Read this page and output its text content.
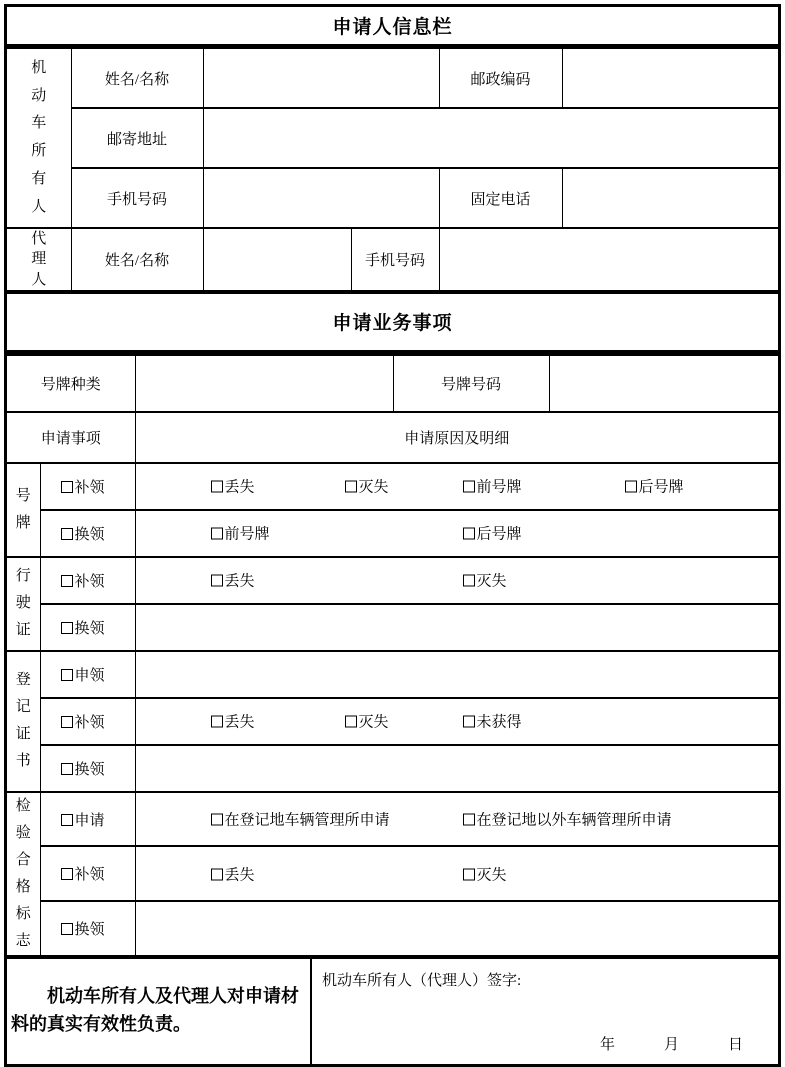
申请人信息栏
机动车所有人	姓名/名称			邮政编码	
	邮寄地址				
	手机号码			固定电话	
代理人	姓名/名称		手机号码		
申请业务事项
号牌种类			号牌号码	
申请事项		申请原因及明细		
号牌	补领	丢失 灭失 前号牌 后号牌		

	换领	前号牌 后号牌		

行驶证	补领	丢失 灭失		

	换领			
登记证书	申领			
	补领	丢失 灭失 未获得		

	换领			
检验合格标志	申请	在登记地车辆管理所申请 在登记地以外车辆管理所申请		

	补领	丢失 灭失		

	换领			

机动车所有人及代理人对申请材料的真实有效性负责。

机动车所有人（代理人）签字:
年	月	日
